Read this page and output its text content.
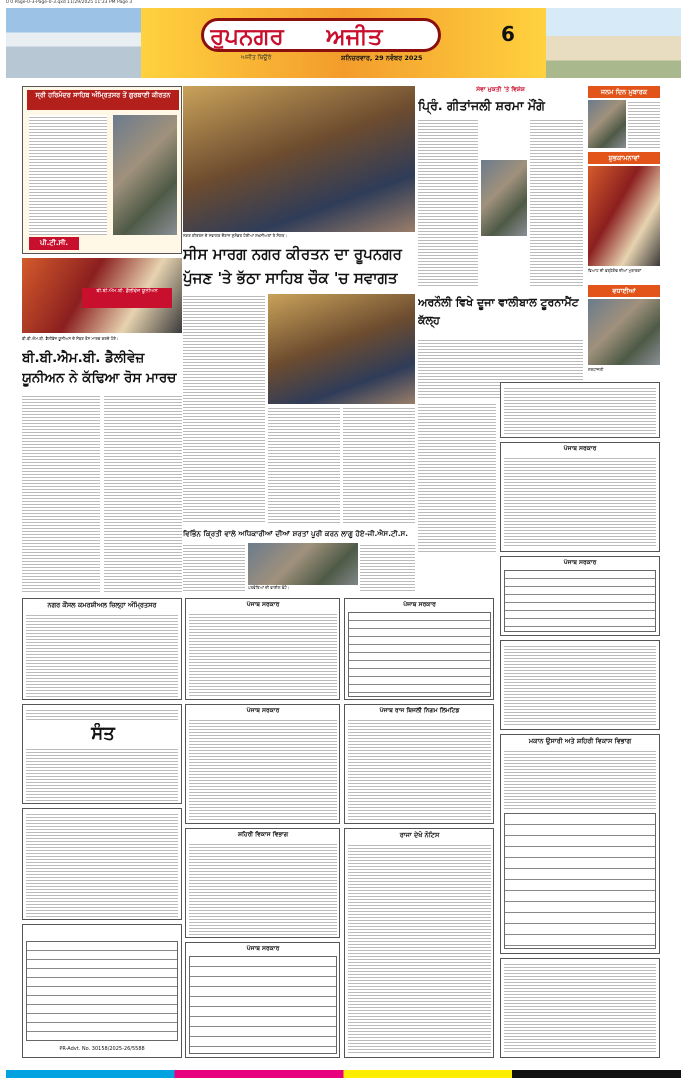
0 0 Page-0-3-Page-0-3.qxd 11/29/2025 11:33 PM Page 3
ਰੂਪਨਗਰ	ਅਜੀਤ
ਅਜੀਤ ਬਿਊਰੋ	ਸ਼ਨਿਚਰਵਾਰ, 29 ਨਵੰਬਰ 2025
6
ਸ੍ਰੀ ਹਰਿਮੰਦਰ ਸਾਹਿਬ ਅੰਮ੍ਰਿਤਸਰ ਤੋਂ ਗੁਰਬਾਣੀ ਕੀਰਤਨ
ਪੀ.ਟੀ.ਸੀ.
ਬੀ.ਬੀ.ਐਮ.ਬੀ. ਡੈਲੀਵੇਜ਼ ਯੂਨੀਅਨ
ਬੀ.ਬੀ.ਐਮ.ਬੀ. ਡੈਲੀਵੇਜ਼ ਯੂਨੀਅਨ ਦੇ ਮੈਂਬਰ ਰੋਸ ਮਾਰਚ ਕਰਦੇ ਹੋਏ।
ਬੀ.ਬੀ.ਐਮ.ਬੀ. ਡੈਲੀਵੇਜ਼ ਯੂਨੀਅਨ ਨੇ ਕੱਢਿਆ ਰੋਸ ਮਾਰਚ
ਨਗਰ ਕੀਰਤਨ ਦੇ ਸਵਾਗਤ ਦੌਰਾਨ ਸ਼ੁਸ਼ੋਭਤ ਹੋਈਆਂ ਸ਼ਖ਼ਸੀਅਤਾਂ ਤੇ ਸੰਗਤ।
ਸੀਸ ਮਾਰਗ ਨਗਰ ਕੀਰਤਨ ਦਾ ਰੂਪਨਗਰ ਪੁੱਜਣ 'ਤੇ ਭੱਠਾ ਸਾਹਿਬ ਚੌਕ 'ਚ ਸਵਾਗਤ
ਵਿਭਿੰਨ ਕ੍ਰਿਤੀ ਵਾਲੇ ਅਧਿਕਾਰੀਆਂ ਦੀਆਂ ਸ਼ਰਤਾਂ ਪੂਰੀ ਕਰਨ ਲਾਗੂ ਹੋਏ-ਜੀ.ਐਸ.ਟੀ.ਸ.
ਪਤਵੰਤਿਆਂ ਦੀ ਫਾਈਲ ਫੋਟੋ।
ਸੇਵਾ ਮੁਕਤੀ 'ਤੇ ਵਿਸ਼ੇਸ਼
ਪ੍ਰਿੰ. ਗੀਤਾਂਜਲੀ ਸ਼ਰਮਾ ਮੌਂਗੇ
ਅਰਨੌਲੀ ਵਿਖੇ ਦੂਜਾ ਵਾਲੀਬਾਲ ਟੂਰਨਾਮੈਂਟ ਕੱਲ੍ਹ
ਜਨਮ ਦਿਨ ਮੁਬਾਰਕ
ਸ਼ੁਭਕਾਮਨਾਵਾਂ
ਵਿਆਹ ਦੀ ਵਰ੍ਹੇਗੰਢ ਦੀਆਂ ਮੁਬਾਰਕਾਂ
ਵਧਾਈਆਂ
ਸ਼ਰਧਾਂਜਲੀ
ਪੰਜਾਬ ਸਰਕਾਰ
ਪੰਜਾਬ ਸਰਕਾਰ
ਨਗਰ ਕੌਂਸਲ ਕਮਰਸ਼ੀਅਲ ਜ਼ਿਲ੍ਹਾ ਅੰਮ੍ਰਿਤਸਰ
ਸੰਤ
PR-Advt. No. 30158/2025-26/5588
ਪੰਜਾਬ ਸਰਕਾਰ	ਪੰਜਾਬ ਸਰਕਾਰ
ਪੰਜਾਬ ਸਰਕਾਰ	ਪੰਜਾਬ ਰਾਜ ਬਿਜਲੀ ਨਿਗਮ ਲਿਮਟਿਡ
ਸ਼ਹਿਰੀ ਵਿਕਾਸ ਵਿਭਾਗ
ਪੰਜਾਬ ਸਰਕਾਰ
ਰਾਜਾ ਦੇਖੋ ਨੋਟਿਸ
ਮਕਾਨ ਉਸਾਰੀ ਅਤੇ ਸ਼ਹਿਰੀ ਵਿਕਾਸ ਵਿਭਾਗ
